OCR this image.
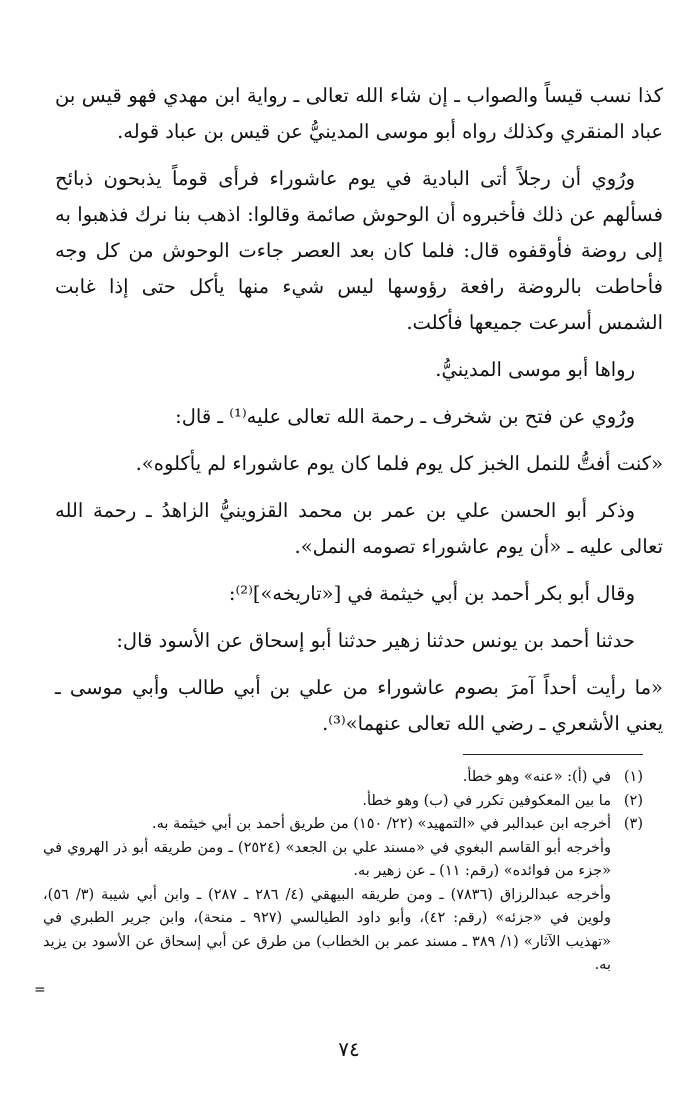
كذا نسب قيساً والصواب ـ إن شاء الله تعالى ـ رواية ابن مهدي فهو قيس بن عباد المنقري وكذلك رواه أبو موسى المدينيُّ عن قيس بن عباد قوله.

ورُوي أن رجلاً أتى البادية في يوم عاشوراء فرأى قوماً يذبحون ذبائح فسألهم عن ذلك فأخبروه أن الوحوش صائمة وقالوا: اذهب بنا نرك فذهبوا به إلى روضة فأوقفوه قال: فلما كان بعد العصر جاءت الوحوش من كل وجه فأحاطت بالروضة رافعة رؤوسها ليس شيء منها يأكل حتى إذا غابت الشمس أسرعت جميعها فأكلت.

رواها أبو موسى المدينيُّ.

ورُوي عن فتح بن شخرف ـ رحمة الله تعالى عليه⁽¹⁾ ـ قال:

«كنت أفتُّ للنمل الخبز كل يوم فلما كان يوم عاشوراء لم يأكلوه».

وذكر أبو الحسن علي بن عمر بن محمد القزوينيُّ الزاهدُ ـ رحمة الله تعالى عليه ـ «أن يوم عاشوراء تصومه النمل».

وقال أبو بكر أحمد بن أبي خيثمة في [«تاريخه»]⁽²⁾:

حدثنا أحمد بن يونس حدثنا زهير حدثنا أبو إسحاق عن الأسود قال:

«ما رأيت أحداً آمرَ بصوم عاشوراء من علي بن أبي طالب وأبي موسى ـ يعني الأشعري ـ رضي الله تعالى عنهما»⁽³⁾.

(١)
في (أ): «عنه» وهو خطأ.
(٢)
ما بين المعكوفين تكرر في (ب) وهو خطأ.
(٣)
أخرجه ابن عبدالبر في «التمهيد» (٢٢/ ١٥٠) من طريق أحمد بن أبي خيثمة به.
وأخرجه أبو القاسم البغوي في «مسند علي بن الجعد» (٢٥٢٤) ـ ومن طريقه أبو ذر الهروي في «جزء من فوائده» (رقم: ١١) ـ عن زهير به.
وأخرجه عبدالرزاق (٧٨٣٦) ـ ومن طريقه البيهقي (٤/ ٢٨٦ ـ ٢٨٧) ـ وابن أبي شيبة (٣/ ٥٦)، ولوين في «جزئه» (رقم: ٤٢)، وأبو داود الطيالسي (٩٢٧ ـ منحة)، وابن جرير الطبري في «تهذيب الآثار» (١/ ٣٨٩ ـ مسند عمر بن الخطاب) من طرق عن أبي إسحاق عن الأسود بن يزيد به.
=
٧٤
